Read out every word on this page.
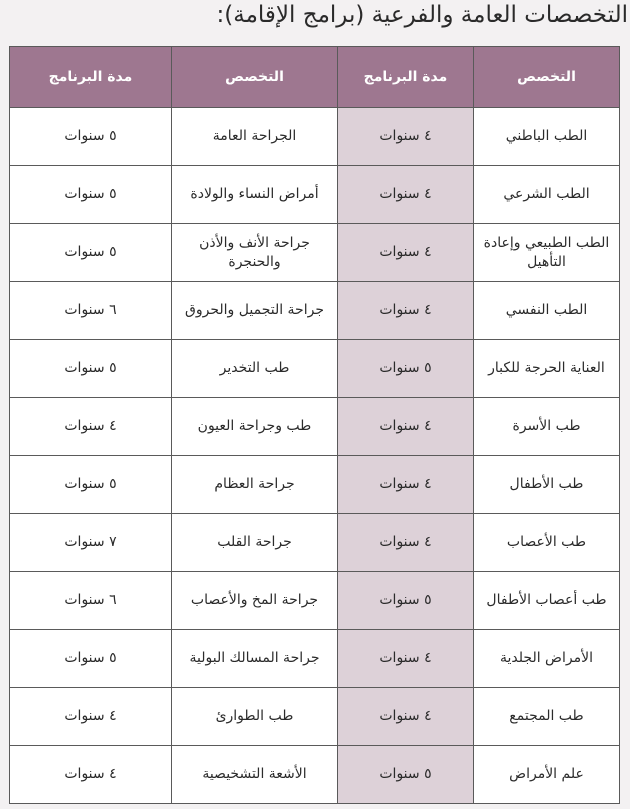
التخصصات العامة والفرعية (برامج الإقامة):
التخصص	مدة البرنامج	التخصص	مدة البرنامج
الطب الباطني	٤ سنوات	الجراحة العامة	٥ سنوات
الطب الشرعي	٤ سنوات	أمراض النساء والولادة	٥ سنوات
الطب الطبيعي وإعادة التأهيل	٤ سنوات	جراحة الأنف والأذن والحنجرة	٥ سنوات
الطب النفسي	٤ سنوات	جراحة التجميل والحروق	٦ سنوات
العناية الحرجة للكبار	٥ سنوات	طب التخدير	٥ سنوات
طب الأسرة	٤ سنوات	طب وجراحة العيون	٤ سنوات
طب الأطفال	٤ سنوات	جراحة العظام	٥ سنوات
طب الأعصاب	٤ سنوات	جراحة القلب	٧ سنوات
طب أعصاب الأطفال	٥ سنوات	جراحة المخ والأعصاب	٦ سنوات
الأمراض الجلدية	٤ سنوات	جراحة المسالك البولية	٥ سنوات
طب المجتمع	٤ سنوات	طب الطوارئ	٤ سنوات
علم الأمراض	٥ سنوات	الأشعة التشخيصية	٤ سنوات
